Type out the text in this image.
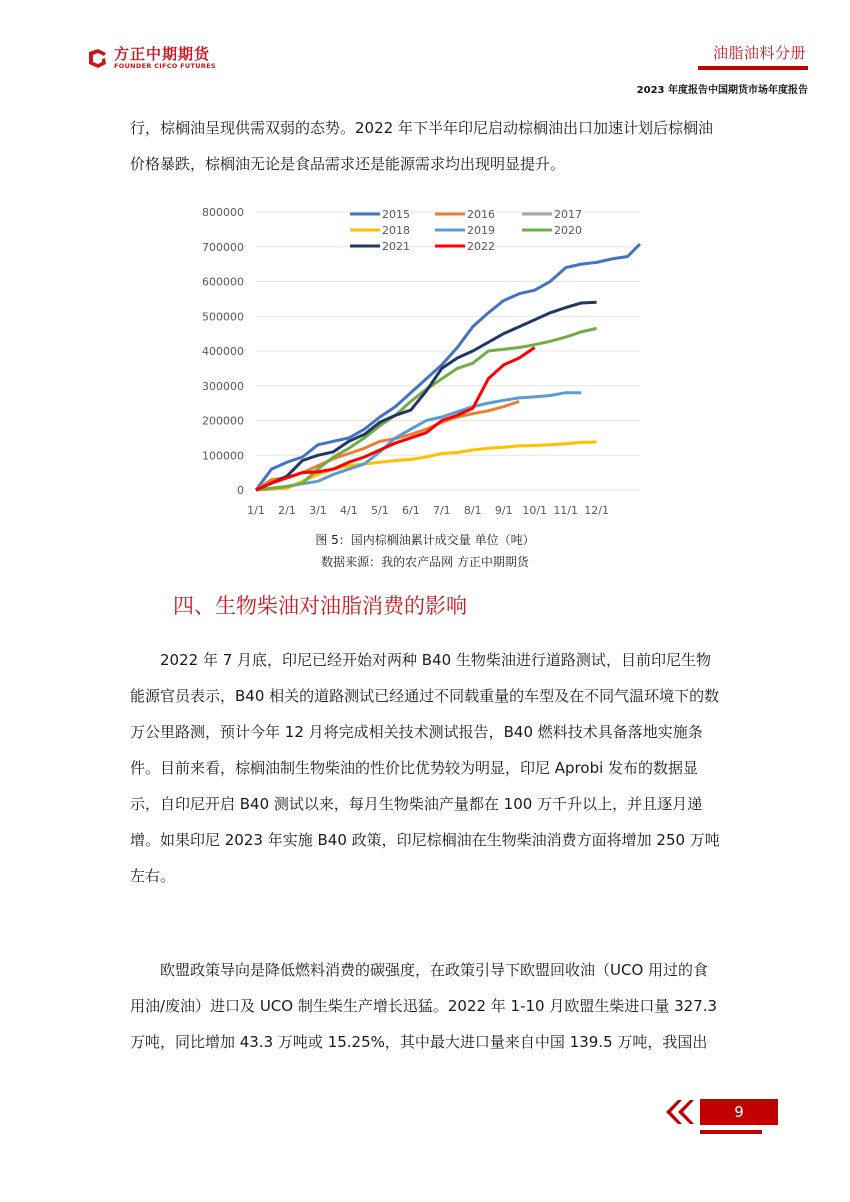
方正中期期货
FOUNDER CIFCO FUTURES
油脂油料分册
2023 年度报告中国期货市场年度报告
行，棕榈油呈现供需双弱的态势。2022 年下半年印尼启动棕榈油出口加速计划后棕榈油价格暴跌，棕榈油无论是食品需求还是能源需求均出现明显提升。
0
100000
200000
300000
400000
500000
600000
700000
800000
1/1 2/1 3/1 4/1 5/1 6/1 7/1 8/1 9/1 10/1 11/1 12/1
2015	2016	2017
2018	2019	2020
2021	2022
图 5：国内棕榈油累计成交量 单位（吨）
数据来源：我的农产品网 方正中期期货
四、生物柴油对油脂消费的影响
2022 年 7 月底，印尼已经开始对两种 B40 生物柴油进行道路测试，目前印尼生物能源官员表示，B40 相关的道路测试已经通过不同载重量的车型及在不同气温环境下的数万公里路测，预计今年 12 月将完成相关技术测试报告，B40 燃料技术具备落地实施条件。目前来看，棕榈油制生物柴油的性价比优势较为明显，印尼 Aprobi 发布的数据显示，自印尼开启 B40 测试以来，每月生物柴油产量都在 100 万千升以上，并且逐月递增。如果印尼 2023 年实施 B40 政策，印尼棕榈油在生物柴油消费方面将增加 250 万吨左右。
欧盟政策导向是降低燃料消费的碳强度，在政策引导下欧盟回收油（UCO 用过的食用油/废油）进口及 UCO 制生柴生产增长迅猛。2022 年 1-10 月欧盟生柴进口量 327.3 万吨，同比增加 43.3 万吨或 15.25%，其中最大进口量来自中国 139.5 万吨，我国出
9
